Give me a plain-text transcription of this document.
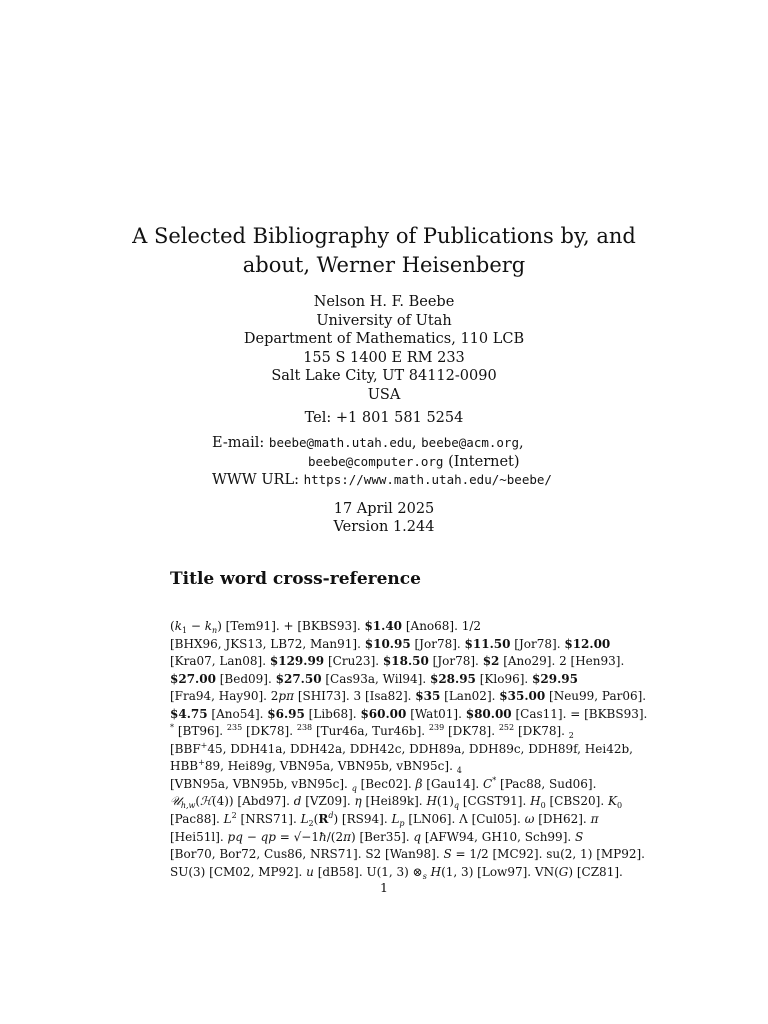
A Selected Bibliography of Publications by, and
about, Werner Heisenberg
Nelson H. F. Beebe
University of Utah
Department of Mathematics, 110 LCB
155 S 1400 E RM 233
Salt Lake City, UT 84112-0090
USA
Tel: +1 801 581 5254
E-mail: beebe@math.utah.edu, beebe@acm.org,
beebe@computer.org (Internet)
WWW URL: https://www.math.utah.edu/~beebe/
17 April 2025
Version 1.244
Title word cross-reference
$(k_1 - k_n) [Tem91]$. + [BKBS93]. $1.40 [Ano68]. 1/2
[BHX96, JKS13, LB72, Man91]. $10.95 [Jor78]. $11.50 [Jor78]. $12.00
[Kra07, Lan08]. $129.99 [Cru23]. $18.50 [Jor78]. $2 [Ano29]. 2 [Hen93].
$27.00 [Bed09]. $27.50 [Cas93a, Wil94]. $28.95 [Klo96]. $29.95
[Fra94, Hay90]. 2pπ [SHI73]. 3 [Isa82]. $35 [Lan02]. $35.00 [Neu99, Par06].
$4.75 [Ano54]. $6.95 [Lib68]. $60.00 [Wat01]. $80.00 [Cas11]. = [BKBS93].
* [BT96]. $^{235}$ [DK78]. $^{238}$ [Tur46a, Tur46b]. $^{239}$ [DK78]. $^{252}$ [DK78]. $_2$
[BBF+45, DDH41a, DDH42a, DDH42c, DDH89a, DDH89c, DDH89f, Hei42b,
HBB+89, Hei89g, VBN95a, VBN95b, vBN95c]. $_4$
[VBN95a, VBN95b, vBN95c]. $_q$ [Bec02]. β [Gau14]. C* [Pac88, Sud06].
𝒰$_{h,w}$(ℋ(4)) [Abd97]. d [VZ09]. η [Hei89k]. $H(1)_q$ [CGST91]. $H_0$ [CBS20]. $K_0$
[Pac88]. $L^2$ [NRS71]. $L_2(R^d)$ [RS94]. $L_p$ [LN06]. Λ [Cul05]. ω [DH62]. π
[Hei51l]. pq − qp = √−1ħ/(2π) [Ber35]. q [AFW94, GH10, Sch99]. S
[Bor70, Bor72, Cus86, NRS71]. S2 [Wan98]. S = 1/2 [MC92]. su(2, 1) [MP92].
SU(3) [CM02, MP92]. u [dB58]. U(1, 3) $\otimes_s$ H(1, 3) [Low97]. VN(G) [CZ81].
1
